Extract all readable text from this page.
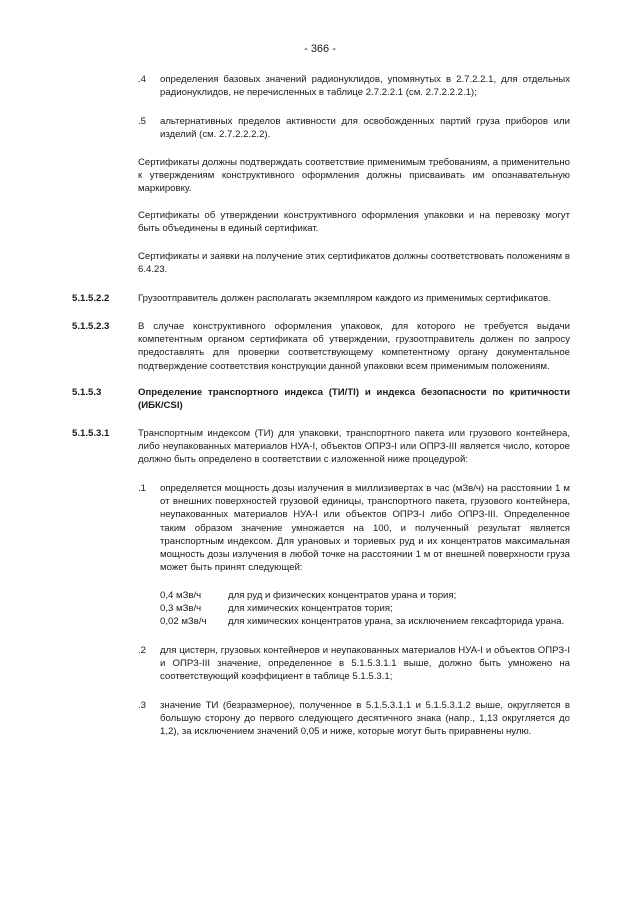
- 366 -
.4 определения базовых значений радионуклидов, упомянутых в 2.7.2.2.1, для отдельных радионуклидов, не перечисленных в таблице 2.7.2.2.1 (см. 2.7.2.2.2.1);
.5 альтернативных пределов активности для освобожденных партий груза приборов или изделий (см. 2.7.2.2.2.2).
Сертификаты должны подтверждать соответствие применимым требованиям, а применительно к утверждениям конструктивного оформления должны присваивать им опознавательную маркировку.
Сертификаты об утверждении конструктивного оформления упаковки и на перевозку могут быть объединены в единый сертификат.
Сертификаты и заявки на получение этих сертификатов должны соответствовать положениям в 6.4.23.
5.1.5.2.2	Грузоотправитель должен располагать экземпляром каждого из применимых сертификатов.
5.1.5.2.3	В случае конструктивного оформления упаковок, для которого не требуется выдачи компетентным органом сертификата об утверждении, грузоотправитель должен по запросу предоставлять для проверки соответствующему компетентному органу документальное подтверждение соответствия конструкции данной упаковки всем применимым положениям.
5.1.5.3	Определение транспортного индекса (ТИ/TI) и индекса безопасности по критичности (ИБК/CSI)
5.1.5.3.1	Транспортным индексом (ТИ) для упаковки, транспортного пакета или грузового контейнера, либо неупакованных материалов НУА-I, объектов ОПРЗ-I или ОПРЗ-III является число, которое должно быть определено в соответствии с изложенной ниже процедурой:
.1 определяется мощность дозы излучения в миллизивертах в час (мЗв/ч) на расстоянии 1 м от внешних поверхностей грузовой единицы, транспортного пакета, грузового контейнера, неупакованных материалов НУА-I или объектов ОПРЗ-I либо ОПРЗ-III. Определенное таким образом значение умножается на 100, и полученный результат является транспортным индексом. Для урановых и ториевых руд и их концентратов максимальная мощность дозы излучения в любой точке на расстоянии 1 м от внешней поверхности груза может быть принят следующей:
0,4 мЗв/ч	для руд и физических концентратов урана и тория;
0,3 мЗв/ч	для химических концентратов тория;
0,02 мЗв/ч для химических концентратов урана, за исключением гексафторида урана.
.2 для цистерн, грузовых контейнеров и неупакованных материалов НУА-I и объектов ОПРЗ-I и ОПРЗ-III значение, определенное в 5.1.5.3.1.1 выше, должно быть умножено на соответствующий коэффициент в таблице 5.1.5.3.1;
.3 значение ТИ (безразмерное), полученное в 5.1.5.3.1.1 и 5.1.5.3.1.2 выше, округляется в большую сторону до первого следующего десятичного знака (напр., 1,13 округляется до 1,2), за исключением значений 0,05 и ниже, которые могут быть приравнены нулю.
